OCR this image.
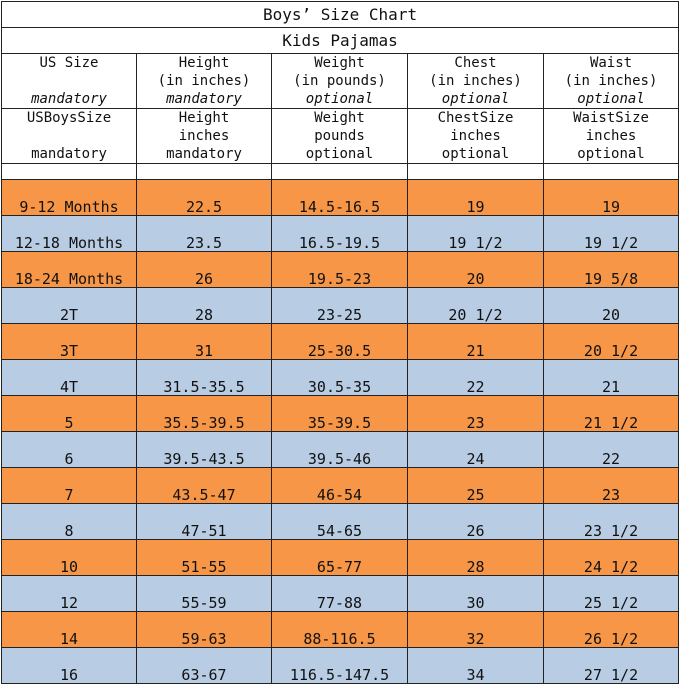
Boys’ Size Chart				
Kids Pajamas				
US Size	Height	Weight	Chest	Waist
	(in inches)	(in pounds)	(in inches)	(in inches)
mandatory	mandatory	optional	optional	optional
USBoysSize	Height	Weight	ChestSize	WaistSize
	inches	pounds	inches	inches
mandatory	mandatory	optional	optional	optional

9-12 Months	22.5	14.5-16.5	19	19
12-18 Months	23.5	16.5-19.5	19 1/2	19 1/2
18-24 Months	26	19.5-23	20	19 5/8
2T	28	23-25	20 1/2	20
3T	31	25-30.5	21	20 1/2
4T	31.5-35.5	30.5-35	22	21
5	35.5-39.5	35-39.5	23	21 1/2
6	39.5-43.5	39.5-46	24	22
7	43.5-47	46-54	25	23
8	47-51	54-65	26	23 1/2
10	51-55	65-77	28	24 1/2
12	55-59	77-88	30	25 1/2
14	59-63	88-116.5	32	26 1/2
16	63-67	116.5-147.5	34	27 1/2
